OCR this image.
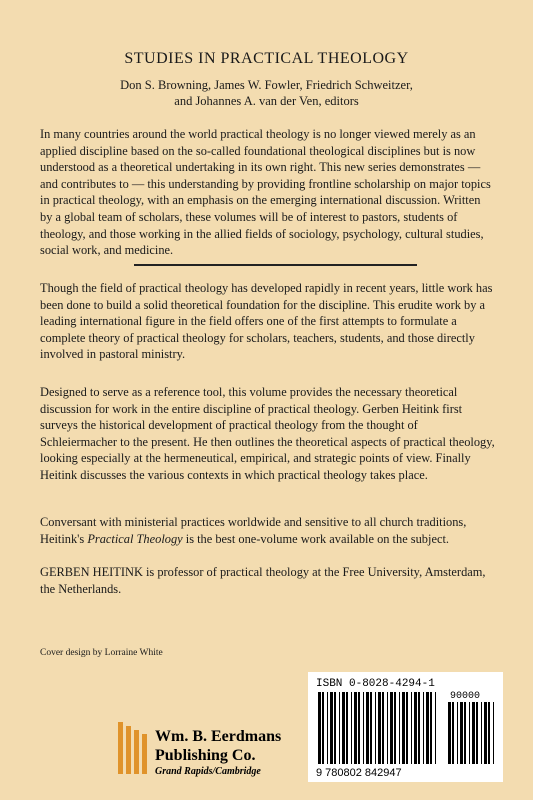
STUDIES IN PRACTICAL THEOLOGY
Don S. Browning, James W. Fowler, Friedrich Schweitzer,
and Johannes A. van der Ven, editors
In many countries around the world practical theology is no longer viewed merely as an applied discipline based on the so-called foundational theological disciplines but is now understood as a theoretical undertaking in its own right. This new series demonstrates — and contributes to — this understanding by providing frontline scholarship on major topics in practical theology, with an emphasis on the emerging international discussion. Written by a global team of scholars, these volumes will be of interest to pastors, students of theology, and those working in the allied fields of sociology, psychology, cultural studies, social work, and medicine.
Though the field of practical theology has developed rapidly in recent years, little work has been done to build a solid theoretical foundation for the discipline. This erudite work by a leading international figure in the field offers one of the first attempts to formulate a complete theory of practical theology for scholars, teachers, students, and those directly involved in pastoral ministry.
Designed to serve as a reference tool, this volume provides the necessary theoretical discussion for work in the entire discipline of practical theology. Gerben Heitink first surveys the historical development of practical theology from the thought of Schleiermacher to the present. He then outlines the theoretical aspects of practical theology, looking especially at the hermeneutical, empirical, and strategic points of view. Finally Heitink discusses the various contexts in which practical theology takes place.
Conversant with ministerial practices worldwide and sensitive to all church traditions, Heitink's Practical Theology is the best one-volume work available on the subject.
GERBEN HEITINK is professor of practical theology at the Free University, Amsterdam, the Netherlands.
Cover design by Lorraine White
Wm. B. Eerdmans
Publishing Co.
Grand Rapids/Cambridge
ISBN 0-8028-4294-1
90000
9 780802 842947
